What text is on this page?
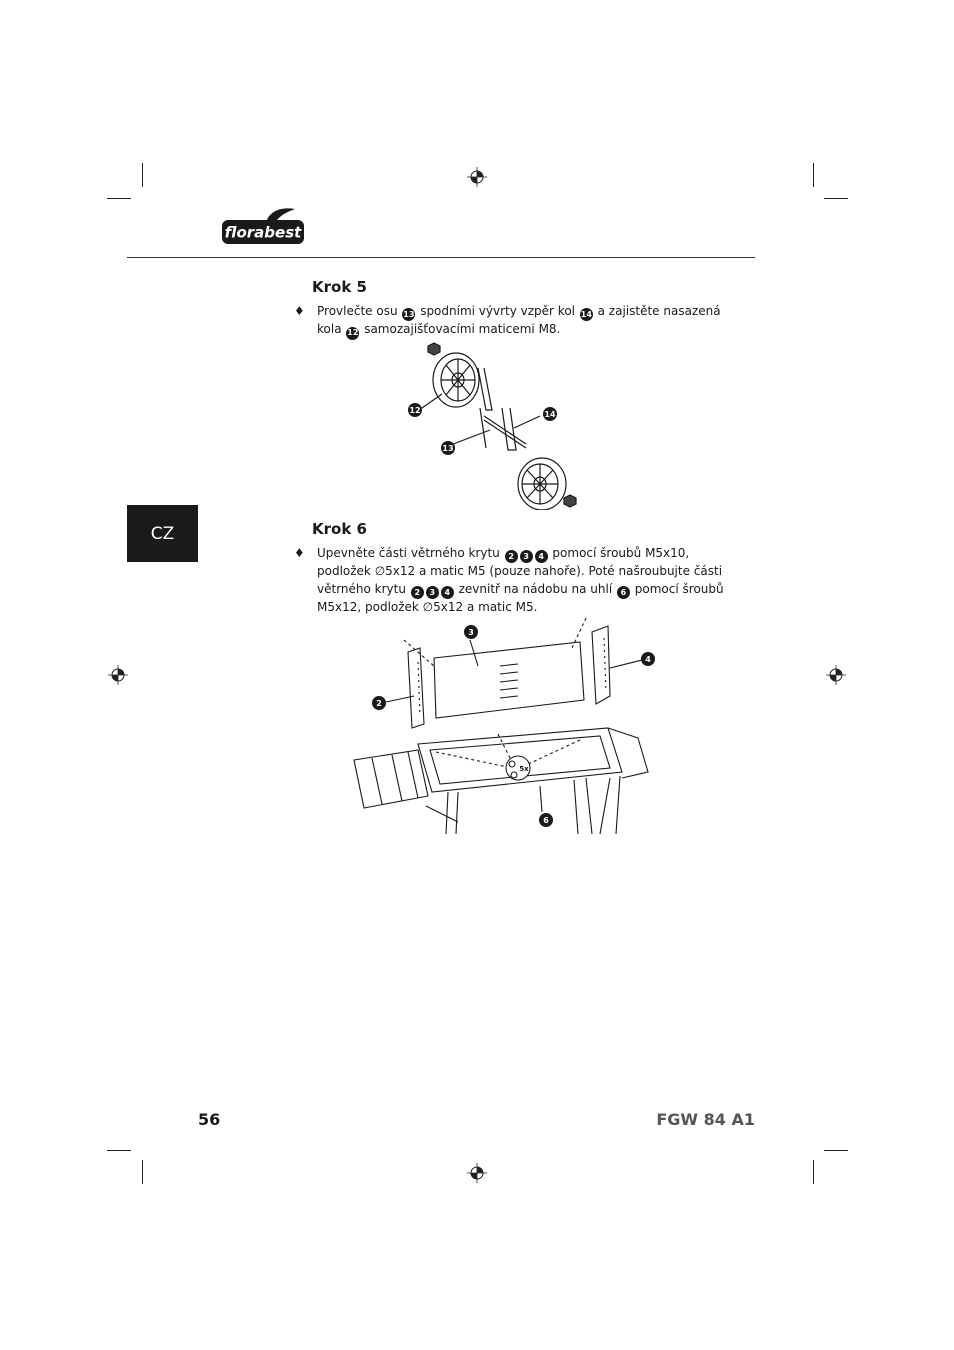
florabest
CZ
Krok 5
♦ Provlečte osu 13 spodními vývrty vzpěr kol 14 a zajistěte nasazená kola 12 samozajišťovacími maticemi M8.
12	14
13
Krok 6
♦ Upevněte části větrného krytu 2 3 4 pomocí šroubů M5x10, podložek ∅5x12 a matic M5 (pouze nahoře). Poté našroubujte části větrného krytu 2 3 4 zevnitř na nádobu na uhlí 6 pomocí šroubů M5x12, podložek ∅5x12 a matic M5.
5x
2
3
4
6
56	FGW 84 A1
